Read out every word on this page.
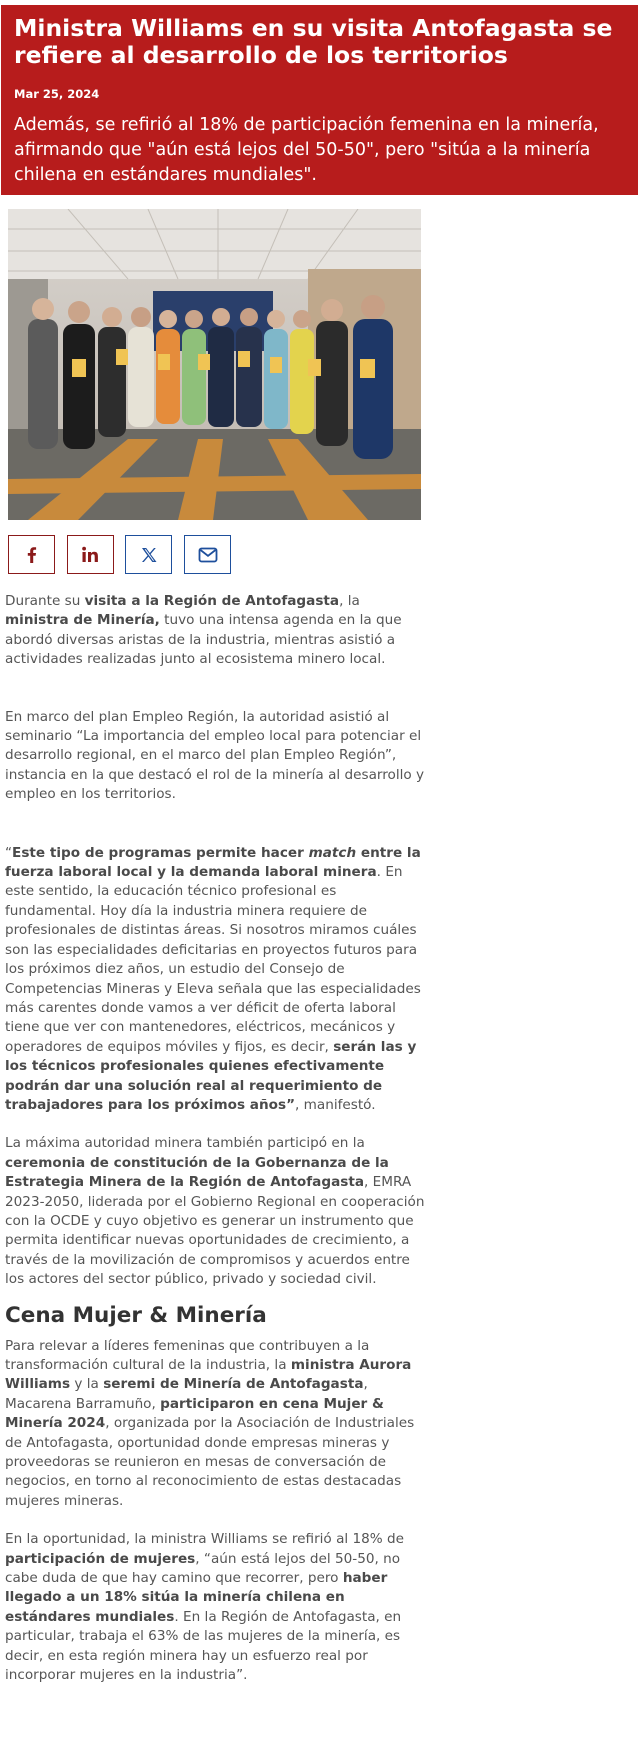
Ministra Williams en su visita Antofagasta se refiere al desarrollo de los territorios
Mar 25, 2024
Además, se refirió al 18% de participación femenina en la minería, afirmando que "aún está lejos del 50-50", pero "sitúa a la minería chilena en estándares mundiales".

Durante su visita a la Región de Antofagasta, la ministra de Minería, tuvo una intensa agenda en la que abordó diversas aristas de la industria, mientras asistió a actividades realizadas junto al ecosistema minero local.

En marco del plan Empleo Región, la autoridad asistió al seminario “La importancia del empleo local para potenciar el desarrollo regional, en el marco del plan Empleo Región”, instancia en la que destacó el rol de la minería al desarrollo y empleo en los territorios.

“Este tipo de programas permite hacer match entre la fuerza laboral local y la demanda laboral minera. En este sentido, la educación técnico profesional es fundamental. Hoy día la industria minera requiere de profesionales de distintas áreas. Si nosotros miramos cuáles son las especialidades deficitarias en proyectos futuros para los próximos diez años, un estudio del Consejo de Competencias Mineras y Eleva señala que las especialidades más carentes donde vamos a ver déficit de oferta laboral tiene que ver con mantenedores, eléctricos, mecánicos y operadores de equipos móviles y fijos, es decir, serán las y los técnicos profesionales quienes efectivamente podrán dar una solución real al requerimiento de trabajadores para los próximos años”, manifestó.

La máxima autoridad minera también participó en la ceremonia de constitución de la Gobernanza de la Estrategia Minera de la Región de Antofagasta, EMRA 2023-2050, liderada por el Gobierno Regional en cooperación con la OCDE y cuyo objetivo es generar un instrumento que permita identificar nuevas oportunidades de crecimiento, a través de la movilización de compromisos y acuerdos entre los actores del sector público, privado y sociedad civil.

Cena Mujer & Minería

Para relevar a líderes femeninas que contribuyen a la transformación cultural de la industria, la ministra Aurora Williams y la seremi de Minería de Antofagasta, Macarena Barramuño, participaron en cena Mujer & Minería 2024, organizada por la Asociación de Industriales de Antofagasta, oportunidad donde empresas mineras y proveedoras se reunieron en mesas de conversación de negocios, en torno al reconocimiento de estas destacadas mujeres mineras.

En la oportunidad, la ministra Williams se refirió al 18% de participación de mujeres, “aún está lejos del 50-50, no cabe duda de que hay camino que recorrer, pero haber llegado a un 18% sitúa la minería chilena en estándares mundiales. En la Región de Antofagasta, en particular, trabaja el 63% de las mujeres de la minería, es decir, en esta región minera hay un esfuerzo real por incorporar mujeres en la industria”.
